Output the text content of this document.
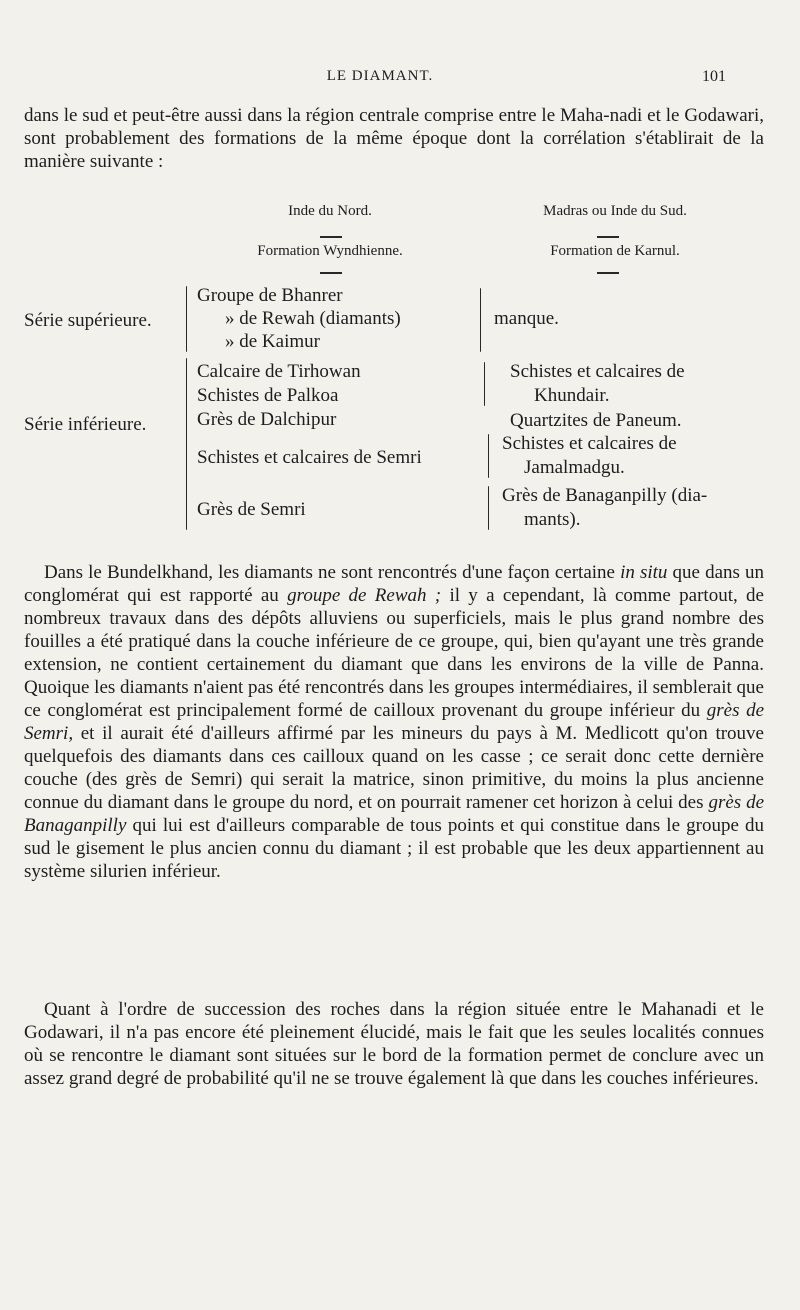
LE DIAMANT.	101
dans le sud et peut-être aussi dans la région centrale comprise entre le Maha-nadi et le Godawari, sont probablement des formations de la même époque dont la corrélation s'établirait de la manière suivante :
Inde du Nord.
Formation Wyndhienne.
Madras ou Inde du Sud.
Formation de Karnul.
Série supérieure.
Groupe de Bhanrer
» de Rewah (diamants)
» de Kaimur
manque.
Série inférieure.
Calcaire de Tirhowan
Schistes de Palkoa
Grès de Dalchipur
Schistes et calcaires de Semri
Grès de Semri
Schistes et calcaires de
Khundair.
Quartzites de Paneum.
Schistes et calcaires de
Jamalmadgu.
Grès de Banaganpilly (dia-
mants).
Dans le Bundelkhand, les diamants ne sont rencontrés d'une façon certaine in situ que dans un conglomérat qui est rapporté au groupe de Rewah ; il y a cependant, là comme partout, de nombreux travaux dans des dépôts alluviens ou superficiels, mais le plus grand nombre des fouilles a été pratiqué dans la couche inférieure de ce groupe, qui, bien qu'ayant une très grande extension, ne contient certainement du diamant que dans les environs de la ville de Panna. Quoique les diamants n'aient pas été rencontrés dans les groupes intermédiaires, il semblerait que ce conglomérat est principalement formé de cailloux provenant du groupe inférieur du grès de Semri, et il aurait été d'ailleurs affirmé par les mineurs du pays à M. Medlicott qu'on trouve quelquefois des diamants dans ces cailloux quand on les casse ; ce serait donc cette dernière couche (des grès de Semri) qui serait la matrice, sinon primitive, du moins la plus ancienne connue du diamant dans le groupe du nord, et on pourrait ramener cet horizon à celui des grès de Banaganpilly qui lui est d'ailleurs comparable de tous points et qui constitue dans le groupe du sud le gisement le plus ancien connu du diamant ; il est probable que les deux appartiennent au système silurien inférieur.
Quant à l'ordre de succession des roches dans la région située entre le Mahanadi et le Godawari, il n'a pas encore été pleinement élucidé, mais le fait que les seules localités connues où se rencontre le diamant sont situées sur le bord de la formation permet de conclure avec un assez grand degré de probabilité qu'il ne se trouve également là que dans les couches inférieures.
